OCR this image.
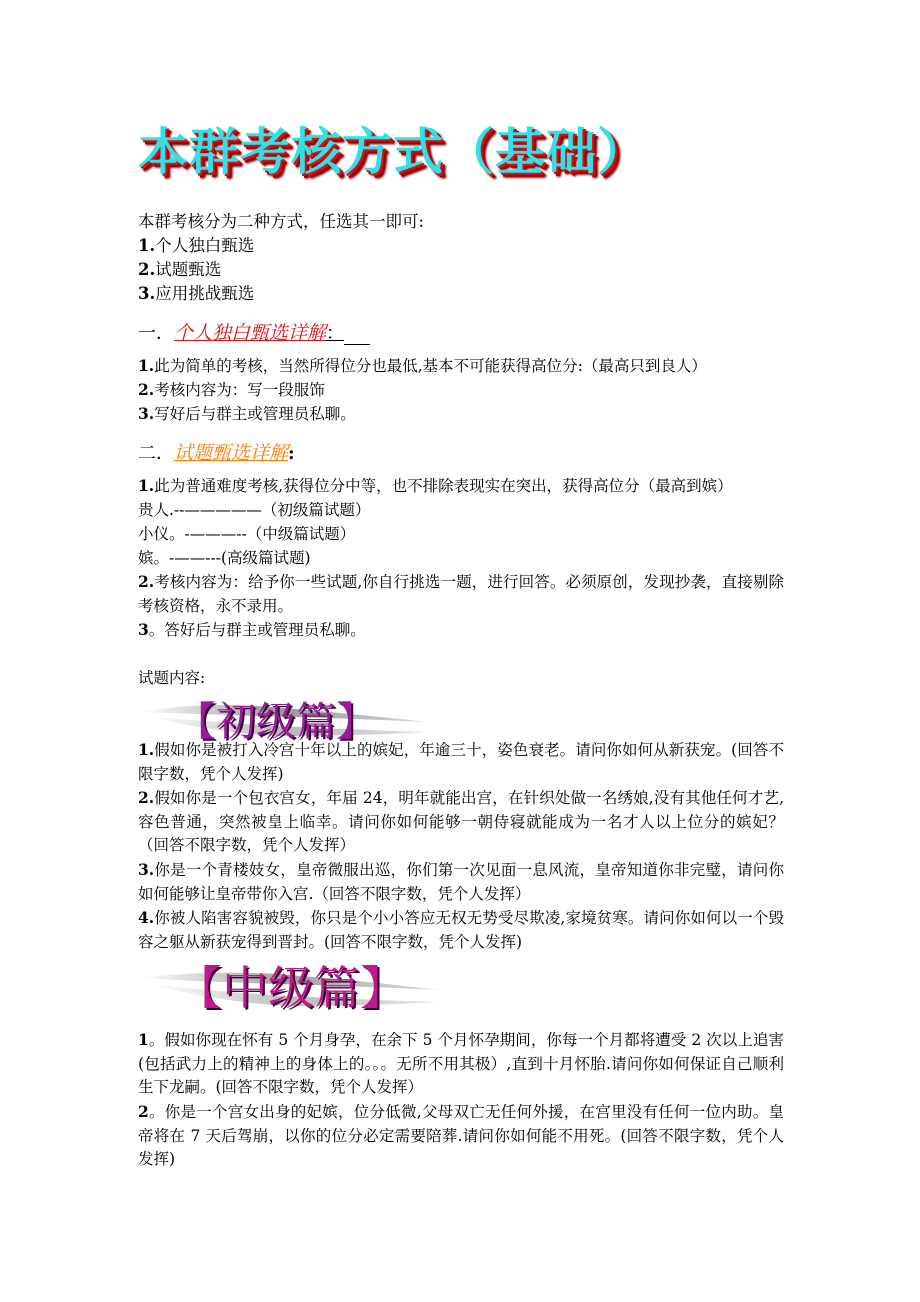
本群考核方式（基础）
本群考核分为二种方式，任选其一即可:
1.个人独白甄选
2.试题甄选
3.应用挑战甄选
一．个人独白甄选详解：
1.此为简单的考核，当然所得位分也最低,基本不可能获得高位分:（最高只到良人）
2.考核内容为：写一段服饰
3.写好后与群主或管理员私聊。
二．试题甄选详解:
1.此为普通难度考核,获得位分中等，也不排除表现实在突出，获得高位分（最高到嫔）
贵人.--—————（初级篇试题）
小仪。-———--（中级篇试题）
嫔。-——---(高级篇试题)
2.考核内容为：给予你一些试题,你自行挑选一题，进行回答。必须原创，发现抄袭，直接剔除考核资格，永不录用。
3。答好后与群主或管理员私聊。
试题内容:
【初级篇】
1.假如你是被打入冷宫十年以上的嫔妃，年逾三十，姿色衰老。请问你如何从新获宠。(回答不限字数，凭个人发挥)
2.假如你是一个包衣宫女，年届 24，明年就能出宫，在针织处做一名绣娘,没有其他任何才艺,容色普通，突然被皇上临幸。请问你如何能够一朝侍寝就能成为一名才人以上位分的嫔妃？（回答不限字数，凭个人发挥）
3.你是一个青楼妓女，皇帝微服出巡，你们第一次见面一息风流，皇帝知道你非完璧，请问你如何能够让皇帝带你入宫.（回答不限字数，凭个人发挥）
4.你被人陷害容貌被毁，你只是个小小答应无权无势受尽欺凌,家境贫寒。请问你如何以一个毁容之躯从新获宠得到晋封。(回答不限字数，凭个人发挥)
【中级篇】
1。假如你现在怀有 5 个月身孕，在余下 5 个月怀孕期间，你每一个月都将遭受 2 次以上追害(包括武力上的精神上的身体上的。。。无所不用其极）,直到十月怀胎.请问你如何保证自己顺利生下龙嗣。(回答不限字数，凭个人发挥）
2。你是一个宫女出身的妃嫔，位分低微,父母双亡无任何外援，在宫里没有任何一位内助。皇帝将在 7 天后驾崩，以你的位分必定需要陪葬.请问你如何能不用死。(回答不限字数，凭个人发挥)
